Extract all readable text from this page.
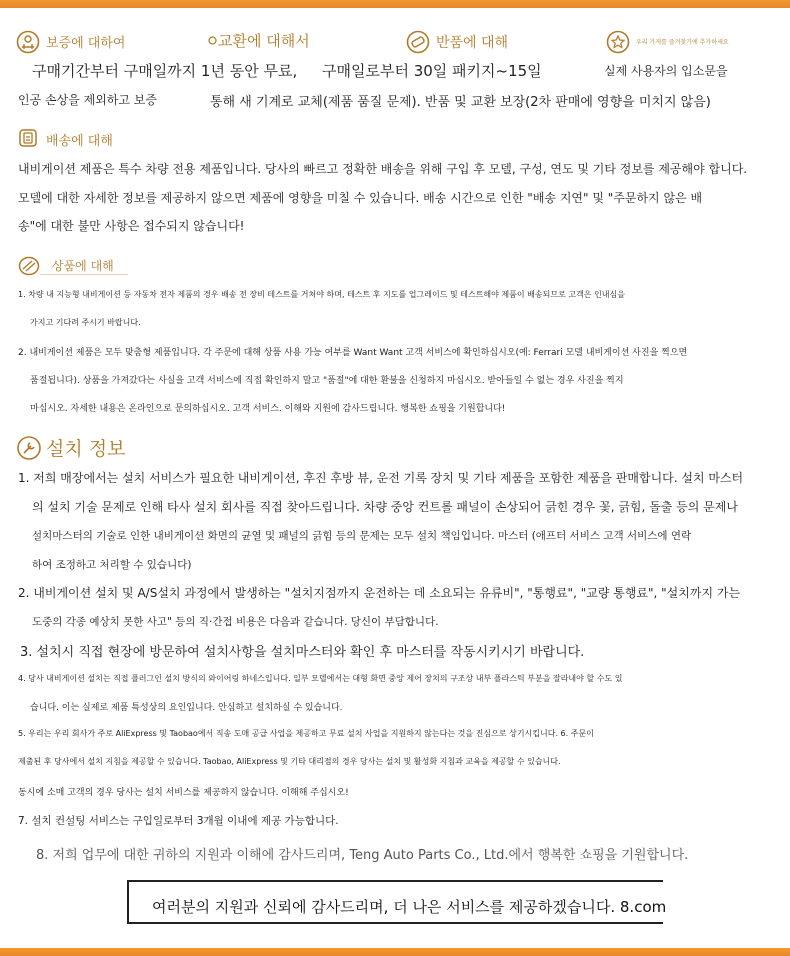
보증에 대하여	교환에 대해서	반품에 대해	우리 가게를 즐겨찾기에 추가하세요
구매기간부터 구매일까지 1년 동안 무료, 구매일로부터 30일 패키지~15일	실제 사용자의 입소문을
인공 손상을 제외하고 보증	통해 새 기계로 교체(제품 품질 문제). 반품 및 교환 보장(2차 판매에 영향을 미치지 않음)
배송에 대해
내비게이션 제품은 특수 차량 전용 제품입니다. 당사의 빠르고 정확한 배송을 위해 구입 후 모델, 구성, 연도 및 기타 정보를 제공해야 합니다.
모델에 대한 자세한 정보를 제공하지 않으면 제품에 영향을 미칠 수 있습니다. 배송 시간으로 인한 "배송 지연" 및 "주문하지 않은 배
송"에 대한 불만 사항은 접수되지 않습니다!
상품에 대해
1. 차량 내 지능형 내비게이션 등 자동차 전자 제품의 경우 배송 전 장비 테스트를 거쳐야 하며, 테스트 후 지도를 업그레이드 및 테스트해야 제품이 배송되므로 고객은 인내심을
가지고 기다려 주시기 바랍니다.
2. 내비게이션 제품은 모두 맞춤형 제품입니다. 각 주문에 대해 상품 사용 가능 여부를 Want Want 고객 서비스에 확인하십시오(예: Ferrari 모델 내비게이션 사진을 찍으면
품절됩니다). 상품을 가져갔다는 사실을 고객 서비스에 직접 확인하지 말고 "품절"에 대한 환불을 신청하지 마십시오. 받아들일 수 없는 경우 사진을 찍지
마십시오. 자세한 내용은 온라인으로 문의하십시오. 고객 서비스. 이해와 지원에 감사드립니다. 행복한 쇼핑을 기원합니다!
설치 정보
1. 저희 매장에서는 설치 서비스가 필요한 내비게이션, 후진 후방 뷰, 운전 기록 장치 및 기타 제품을 포함한 제품을 판매합니다. 설치 마스터
의 설치 기술 문제로 인해 타사 설치 회사를 직접 찾아드립니다. 차량 중앙 컨트롤 패널이 손상되어 긁힌 경우 꽃, 긁힘, 돌출 등의 문제나
설치마스터의 기술로 인한 내비게이션 화면의 균열 및 패널의 긁힘 등의 문제는 모두 설치 책임입니다. 마스터 (애프터 서비스 고객 서비스에 연락
하여 조정하고 처리할 수 있습니다)
2. 내비게이션 설치 및 A/S설치 과정에서 발생하는 "설치지점까지 운전하는 데 소요되는 유류비", "통행료", "교량 통행료", "설치까지 가는
도중의 각종 예상치 못한 사고" 등의 직·간접 비용은 다음과 같습니다. 당신이 부담합니다.
3. 설치시 직접 현장에 방문하여 설치사항을 설치마스터와 확인 후 마스터를 작동시키시기 바랍니다.
4. 당사 내비게이션 설치는 직접 플러그인 설치 방식의 와이어링 하네스입니다. 일부 모델에서는 대형 화면 중앙 제어 장치의 구조상 내부 플라스틱 부분을 잘라내야 할 수도 있
습니다. 이는 실제로 제품 특성상의 요인입니다. 안심하고 설치하실 수 있습니다.
5. 우리는 우리 회사가 주로 AliExpress 및 Taobao에서 직송 도매 공급 사업을 제공하고 무료 설치 사업을 지원하지 않는다는 것을 진심으로 상기시킵니다. 6. 주문이
제출된 후 당사에서 설치 지침을 제공할 수 있습니다. Taobao, AliExpress 및 기타 대리점의 경우 당사는 설치 및 활성화 지침과 교육을 제공할 수 있습니다.
동시에 소매 고객의 경우 당사는 설치 서비스를 제공하지 않습니다. 이해해 주십시오!
7. 설치 컨설팅 서비스는 구입일로부터 3개월 이내에 제공 가능합니다.
8. 저희 업무에 대한 귀하의 지원과 이해에 감사드리며, Teng Auto Parts Co., Ltd.에서 행복한 쇼핑을 기원합니다.
여러분의 지원과 신뢰에 감사드리며, 더 나은 서비스를 제공하겠습니다. 8.com
